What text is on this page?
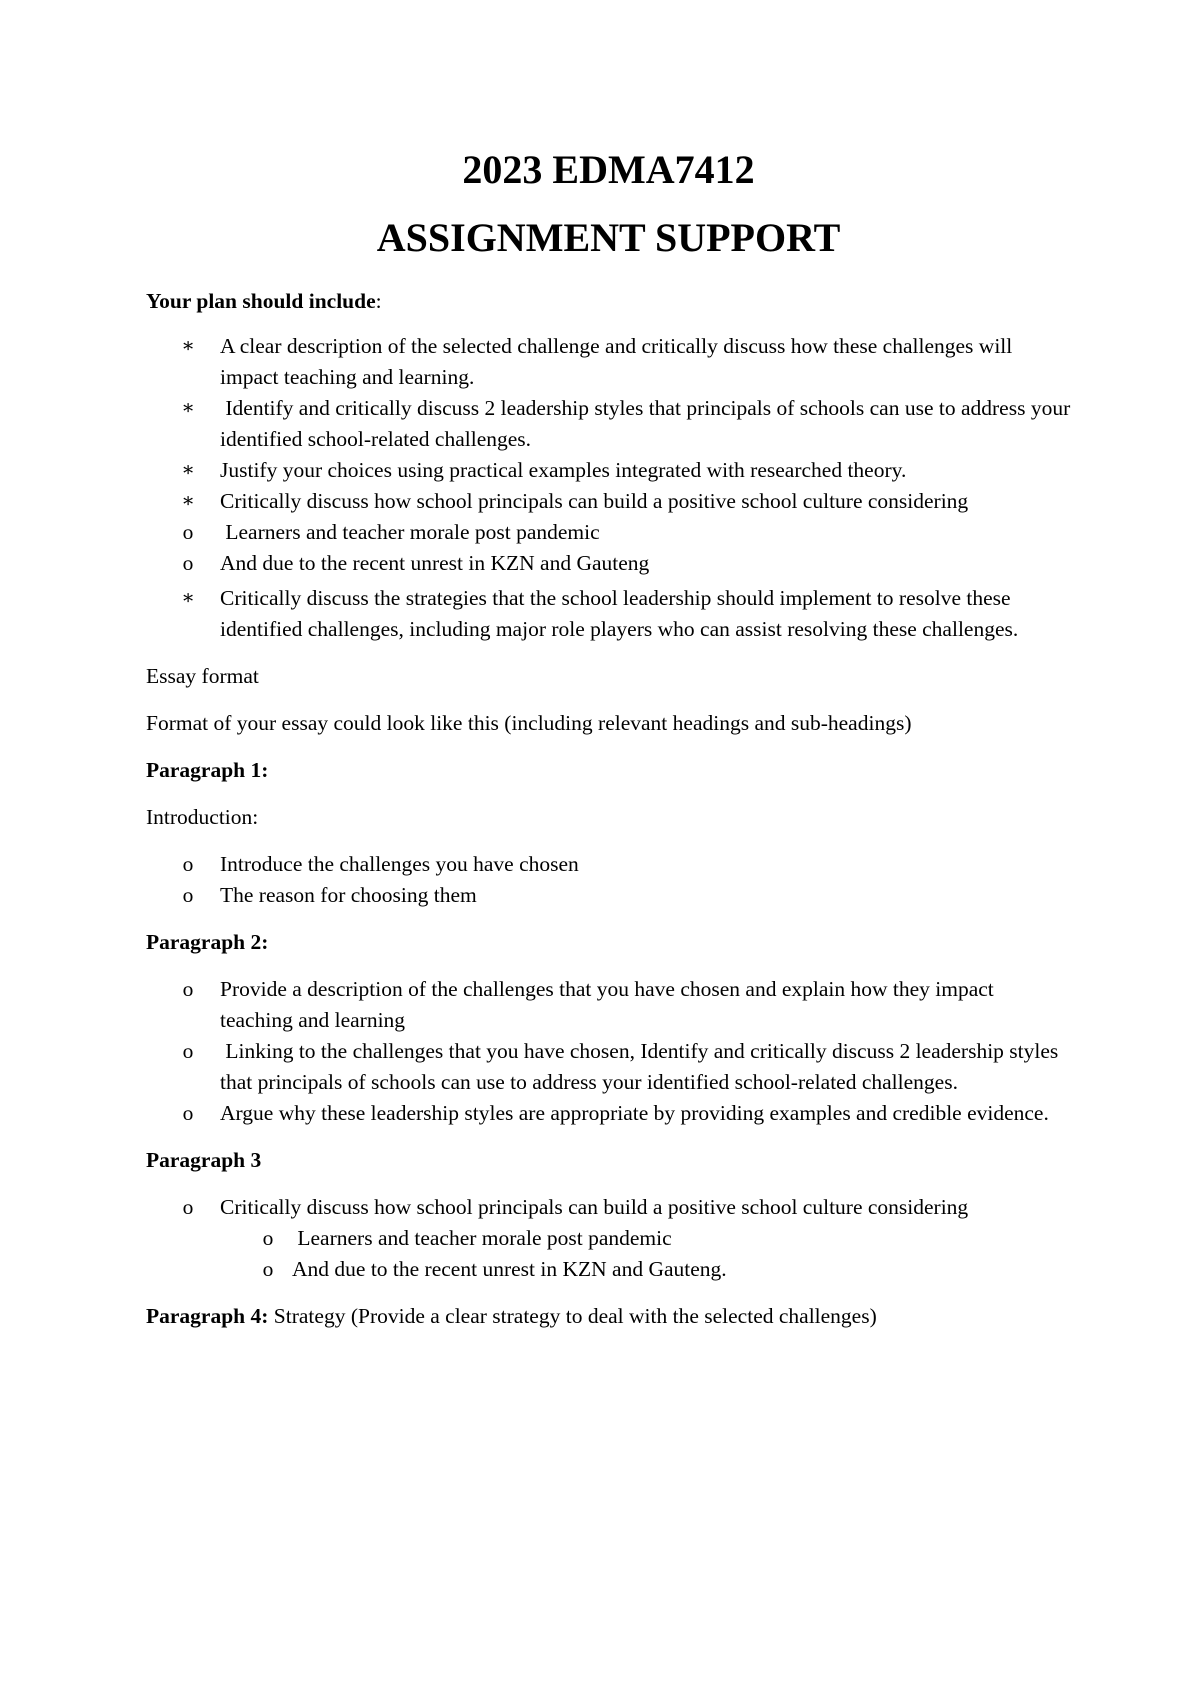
2023 EDMA7412
ASSIGNMENT SUPPORT

Your plan should include:

∗ A clear description of the selected challenge and critically discuss how these challenges will impact teaching and learning.
∗ Identify and critically discuss 2 leadership styles that principals of schools can use to address your identified school-related challenges.
∗ Justify your choices using practical examples integrated with researched theory.
∗ Critically discuss how school principals can build a positive school culture considering
o Learners and teacher morale post pandemic
o And due to the recent unrest in KZN and Gauteng
∗ Critically discuss the strategies that the school leadership should implement to resolve these identified challenges, including major role players who can assist resolving these challenges.

Essay format

Format of your essay could look like this (including relevant headings and sub-headings)

Paragraph 1:

Introduction:

o Introduce the challenges you have chosen
o The reason for choosing them

Paragraph 2:

o Provide a description of the challenges that you have chosen and explain how they impact teaching and learning
o Linking to the challenges that you have chosen, Identify and critically discuss 2 leadership styles that principals of schools can use to address your identified school-related challenges.
o Argue why these leadership styles are appropriate by providing examples and credible evidence.

Paragraph 3

o Critically discuss how school principals can build a positive school culture considering
o Learners and teacher morale post pandemic
o And due to the recent unrest in KZN and Gauteng.

Paragraph 4: Strategy (Provide a clear strategy to deal with the selected challenges)
